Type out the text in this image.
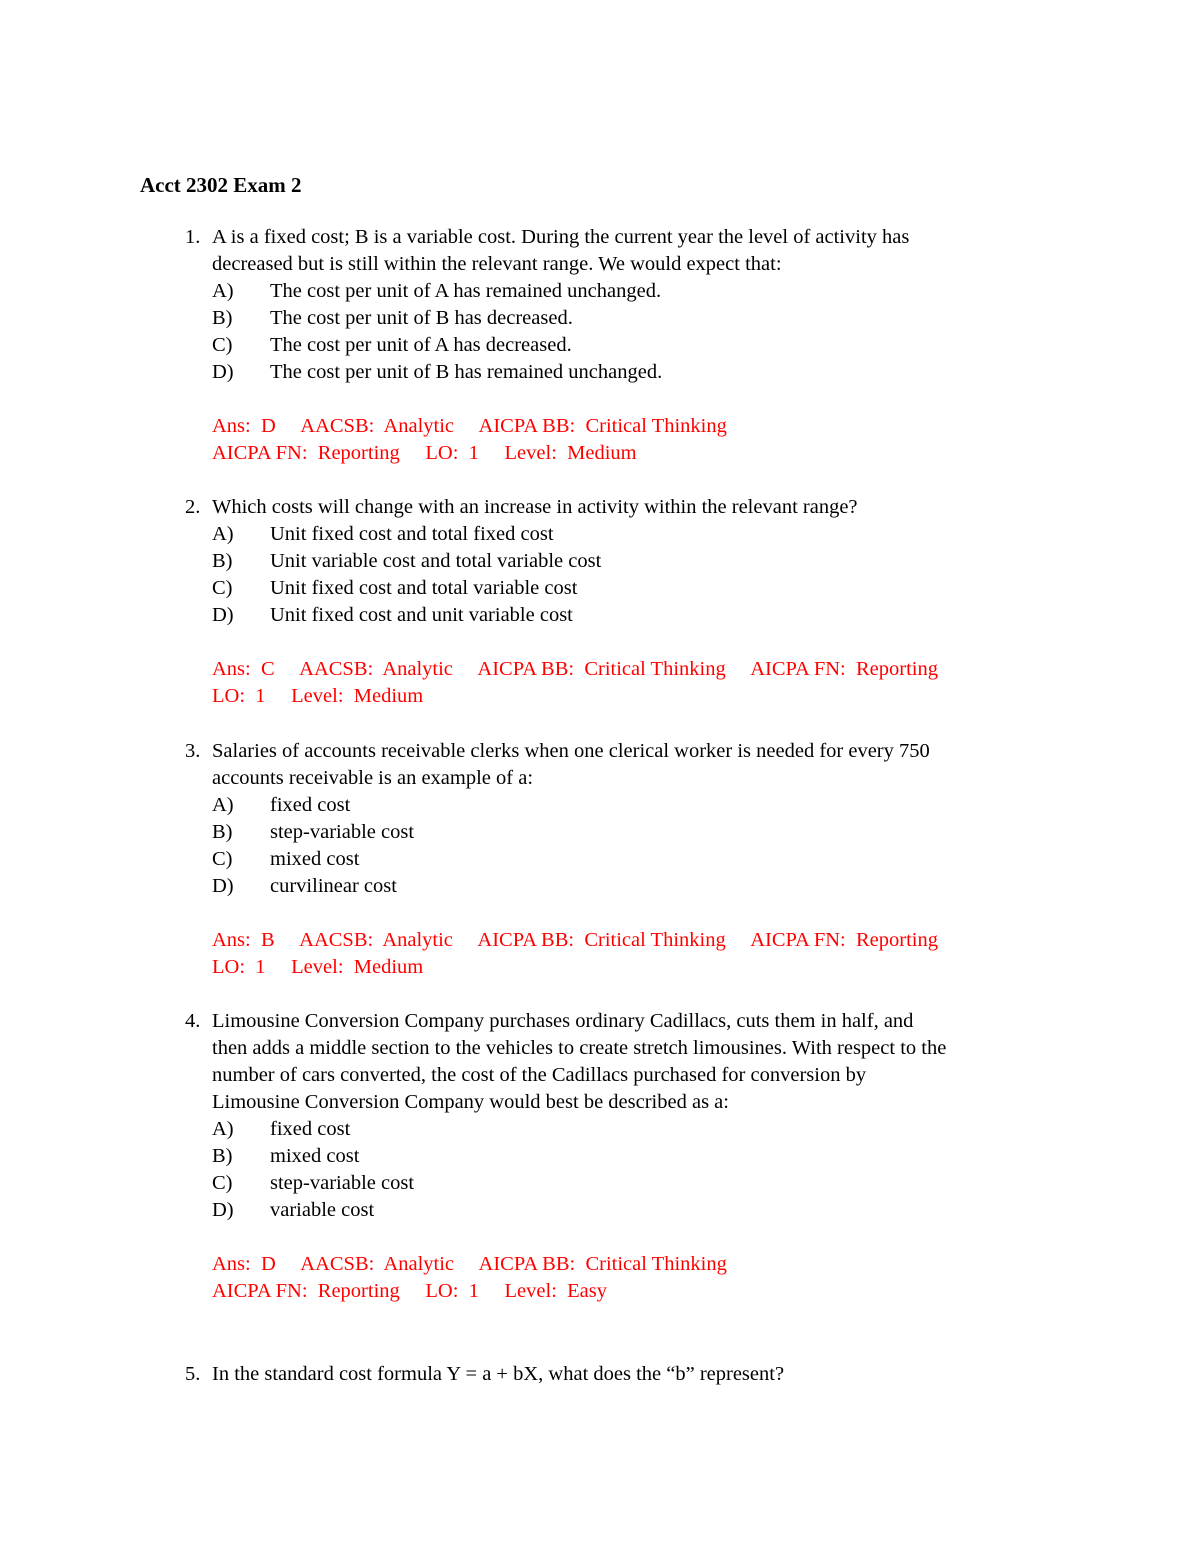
Acct 2302 Exam 2
1. A is a fixed cost; B is a variable cost. During the current year the level of activity has
decreased but is still within the relevant range. We would expect that:
A) The cost per unit of A has remained unchanged.
B) The cost per unit of B has decreased.
C) The cost per unit of A has decreased.
D) The cost per unit of B has remained unchanged.
Ans:  D     AACSB:  Analytic     AICPA BB:  Critical Thinking
AICPA FN:  Reporting     LO:  1     Level:  Medium
2. Which costs will change with an increase in activity within the relevant range?
A) Unit fixed cost and total fixed cost
B) Unit variable cost and total variable cost
C) Unit fixed cost and total variable cost
D) Unit fixed cost and unit variable cost
Ans:  C     AACSB:  Analytic     AICPA BB:  Critical Thinking     AICPA FN:  Reporting
LO:  1     Level:  Medium
3. Salaries of accounts receivable clerks when one clerical worker is needed for every 750
accounts receivable is an example of a:
A) fixed cost
B) step-variable cost
C) mixed cost
D) curvilinear cost
Ans:  B     AACSB:  Analytic     AICPA BB:  Critical Thinking     AICPA FN:  Reporting
LO:  1     Level:  Medium
4. Limousine Conversion Company purchases ordinary Cadillacs, cuts them in half, and
then adds a middle section to the vehicles to create stretch limousines. With respect to the
number of cars converted, the cost of the Cadillacs purchased for conversion by
Limousine Conversion Company would best be described as a:
A) fixed cost
B) mixed cost
C) step-variable cost
D) variable cost
Ans:  D     AACSB:  Analytic     AICPA BB:  Critical Thinking
AICPA FN:  Reporting     LO:  1     Level:  Easy
5. In the standard cost formula Y = a + bX, what does the “b” represent?
